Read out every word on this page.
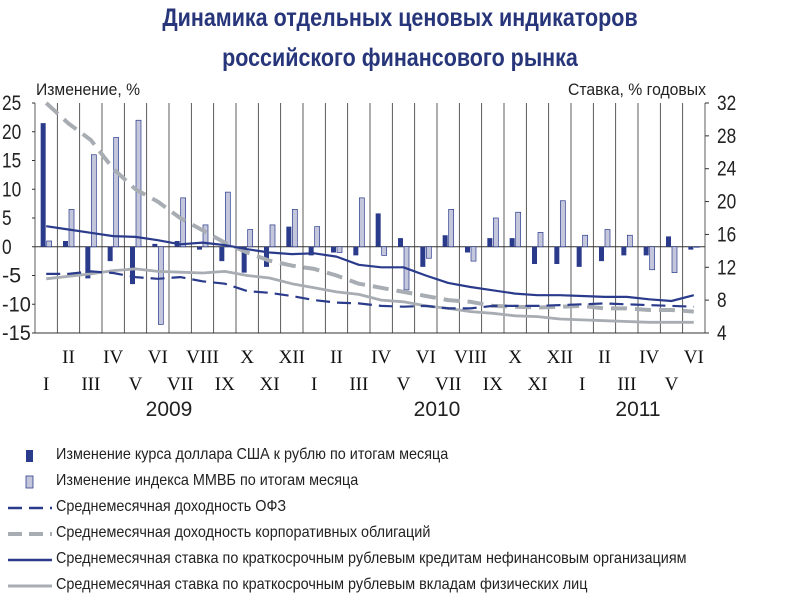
25
20
15
10
5
0
-5
-10
-15
32
28
24
20
16
12
8
4
Изменение, %	Ставка, % годовых
II IV VI VIII X XII II IV VI VIII X XII II IV VI
I III V VII IX XI I III V VII IX XI I III V
2009	2010	2011
Динамика отдельных ценовых индикаторов
российского финансового рынка
Изменение курса доллара США к рублю по итогам месяца
Изменение индекса ММВБ по итогам месяца
Среднемесячная доходность ОФЗ
Среднемесячная доходность корпоративных облигаций
Среднемесячная ставка по краткосрочным рублевым кредитам нефинансовым организациям
Среднемесячная ставка по краткосрочным рублевым вкладам физических лиц
